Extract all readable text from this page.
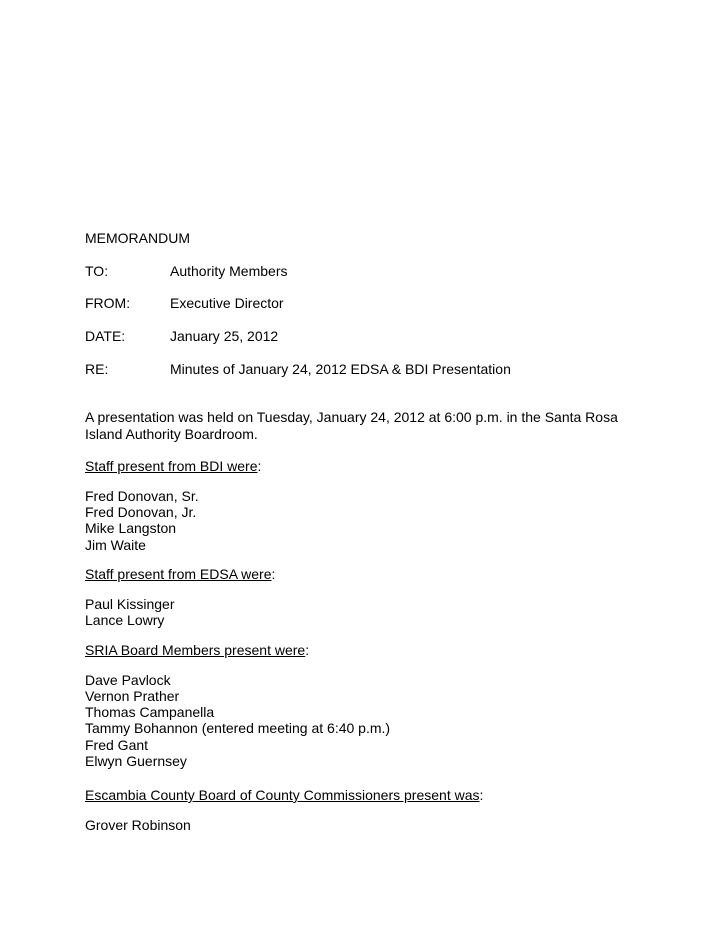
MEMORANDUM
TO:	Authority Members
FROM:	Executive Director
DATE:	January 25, 2012
RE:	Minutes of January 24, 2012 EDSA & BDI Presentation
A presentation was held on Tuesday, January 24, 2012 at 6:00 p.m. in the Santa Rosa
Island Authority Boardroom.
Staff present from BDI were:
Fred Donovan, Sr.
Fred Donovan, Jr.
Mike Langston
Jim Waite
Staff present from EDSA were:
Paul Kissinger
Lance Lowry
SRIA Board Members present were:
Dave Pavlock
Vernon Prather
Thomas Campanella
Tammy Bohannon (entered meeting at 6:40 p.m.)
Fred Gant
Elwyn Guernsey
Escambia County Board of County Commissioners present was:
Grover Robinson
